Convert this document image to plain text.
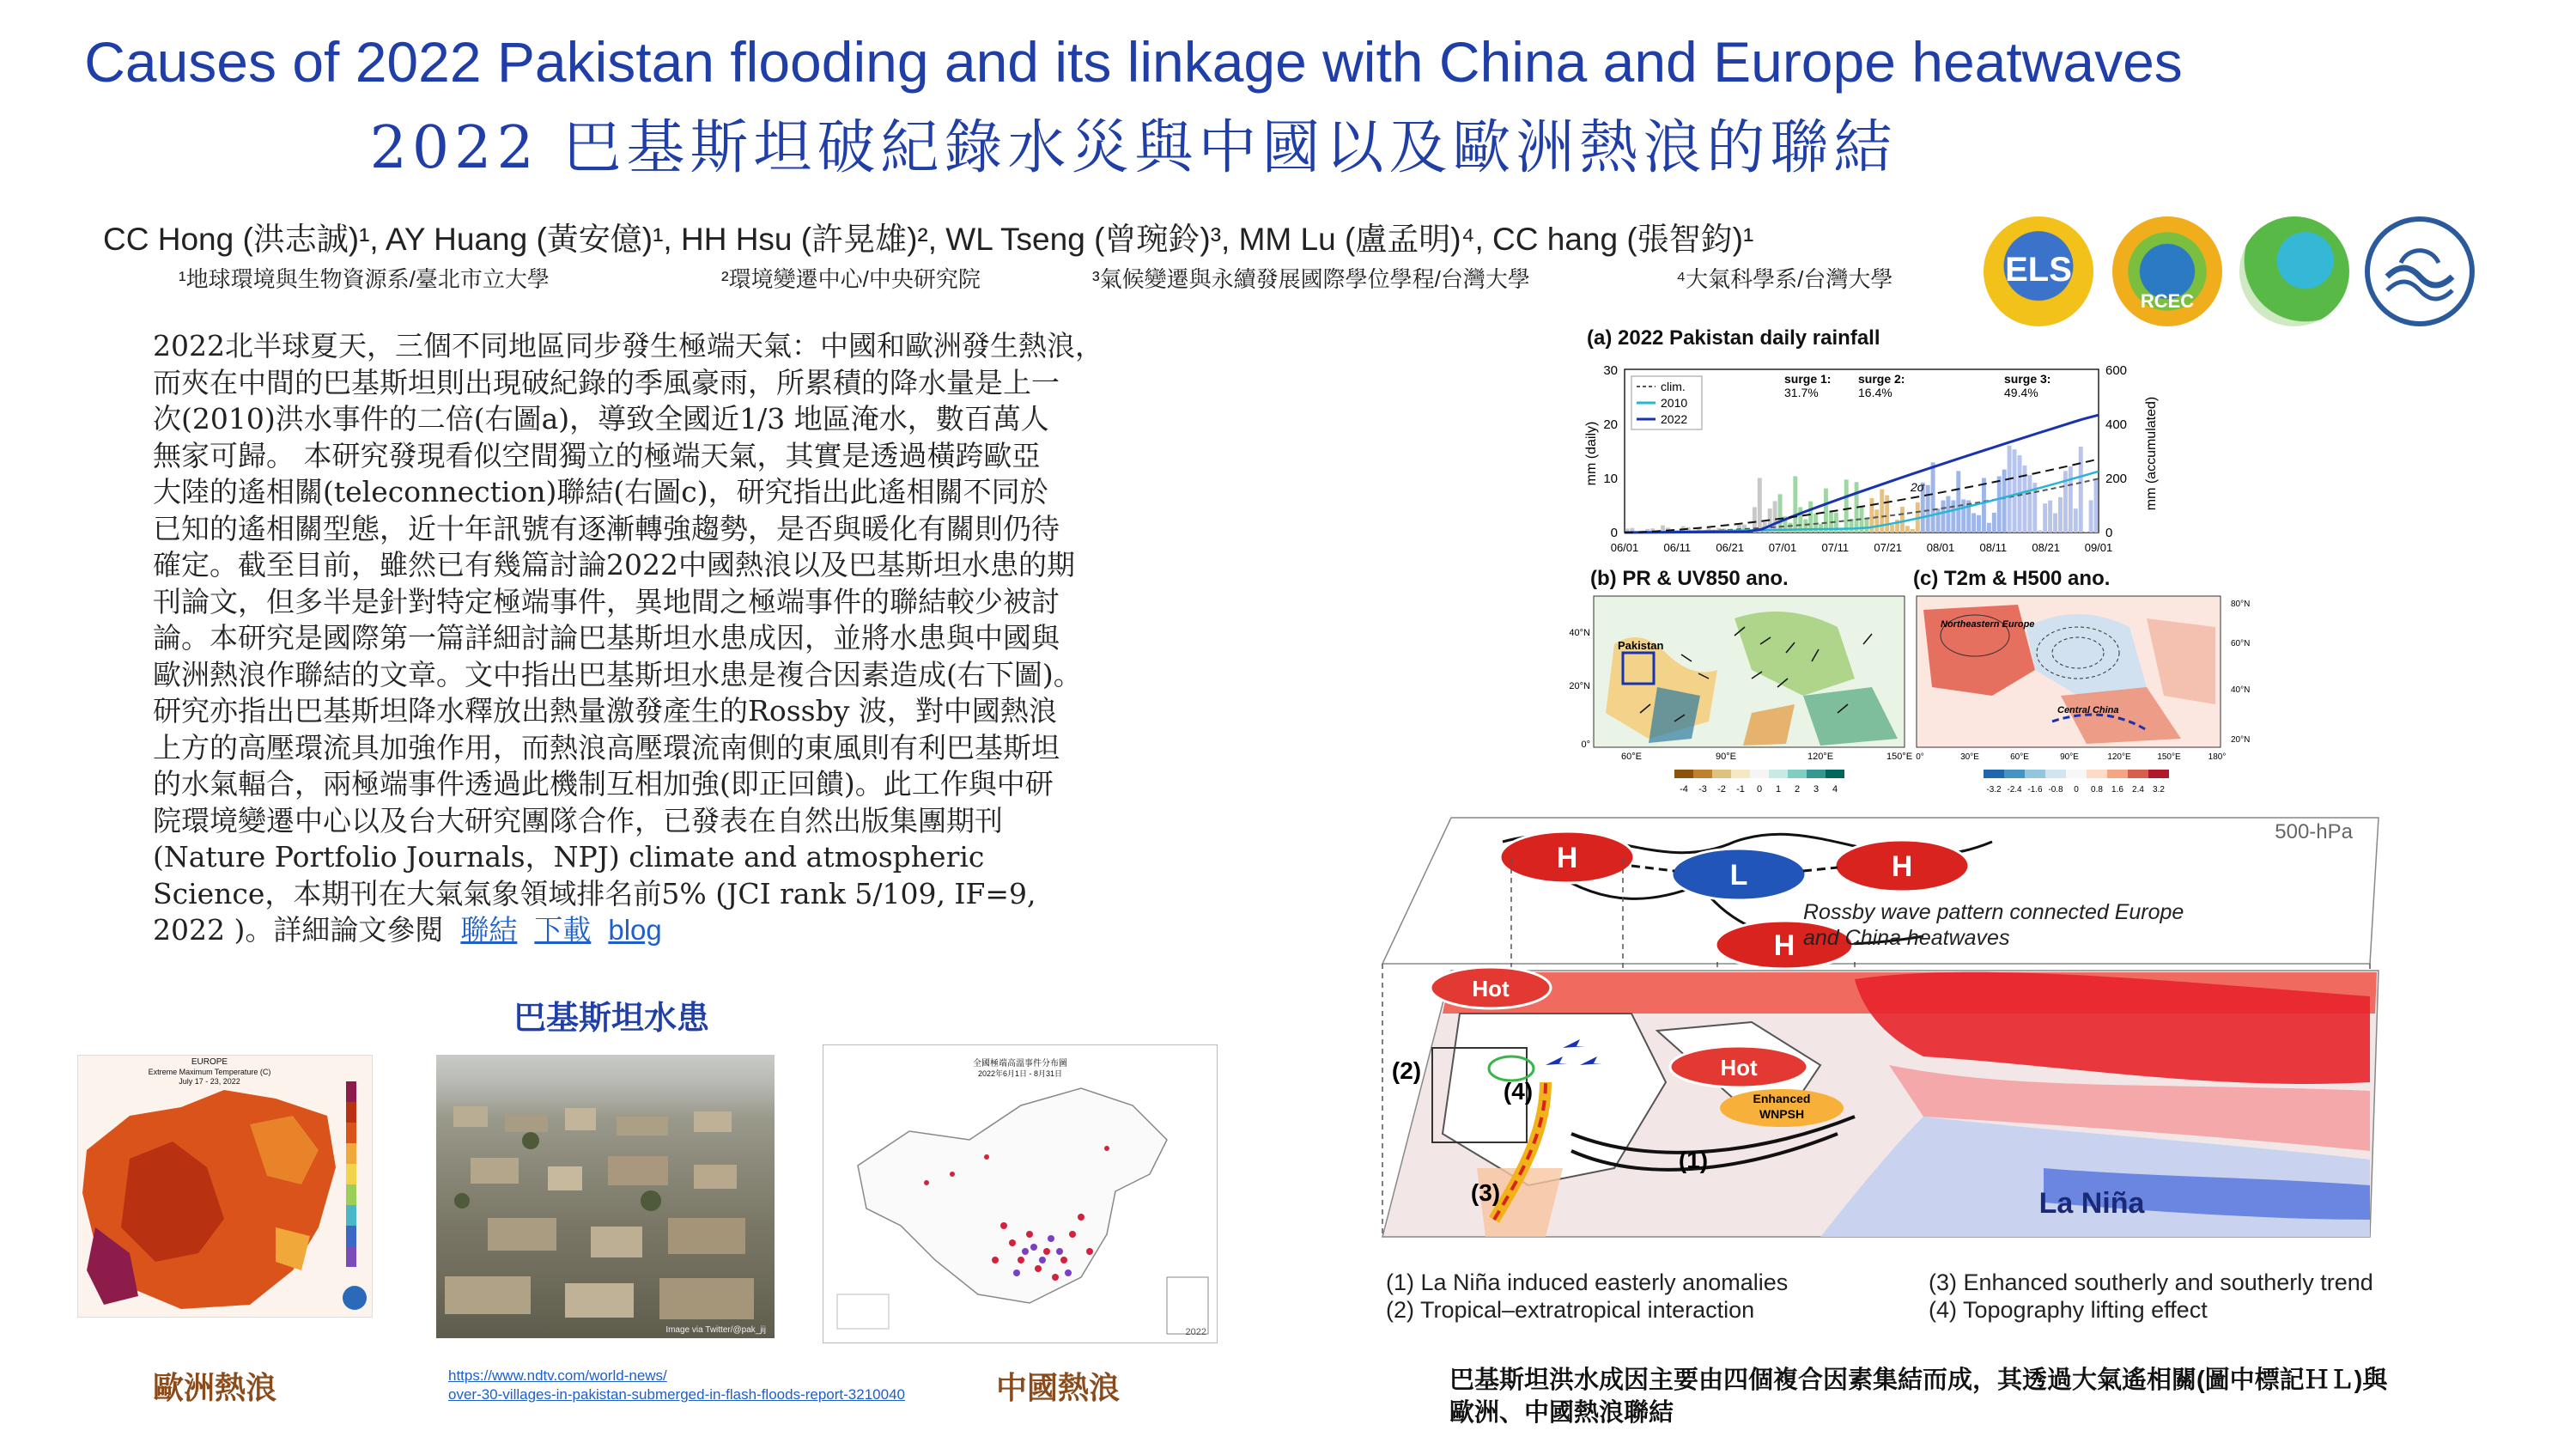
Causes of 2022 Pakistan flooding and its linkage with China and Europe heatwaves
2022 巴基斯坦破紀錄水災與中國以及歐洲熱浪的聯結
CC Hong (洪志誠)¹, AY Huang (黃安億)¹, HH Hsu (許晃雄)², WL Tseng (曾琬鈴)³, MM Lu (盧孟明)⁴, CC hang (張智鈞)¹
¹地球環境與生物資源系/臺北市立大學	²環境變遷中心/中央研究院	³氣候變遷與永續發展國際學位學程/台灣大學	⁴大氣科學系/台灣大學	ELS
RCEC
2022北半球夏天，三個不同地區同步發生極端天氣：中國和歐洲發生熱浪，
而夾在中間的巴基斯坦則出現破紀錄的季風豪雨，所累積的降水量是上一
次(2010)洪水事件的二倍(右圖a)，導致全國近1/3 地區淹水，數百萬人
無家可歸。 本研究發現看似空間獨立的極端天氣，其實是透過橫跨歐亞
大陸的遙相關(teleconnection)聯結(右圖c)，研究指出此遙相關不同於
已知的遙相關型態，近十年訊號有逐漸轉強趨勢，是否與暖化有關則仍待
確定。截至目前，雖然已有幾篇討論2022中國熱浪以及巴基斯坦水患的期
刊論文，但多半是針對特定極端事件，異地間之極端事件的聯結較少被討
論。本研究是國際第一篇詳細討論巴基斯坦水患成因，並將水患與中國與
歐洲熱浪作聯結的文章。文中指出巴基斯坦水患是複合因素造成(右下圖)。
研究亦指出巴基斯坦降水釋放出熱量激發產生的Rossby 波，對中國熱浪
上方的高壓環流具加強作用，而熱浪高壓環流南側的東風則有利巴基斯坦
的水氣輻合，兩極端事件透過此機制互相加強(即正回饋)。此工作與中研
院環境變遷中心以及台大研究團隊合作，已發表在自然出版集團期刊
(Nature Portfolio Journals，NPJ) climate and atmospheric
Science，本期刊在大氣氣象領域排名前5% (JCI rank 5/109, IF=9,
2022 )。詳細論文參閱 聯結 下載 blog
巴基斯坦水患
EUROPE
Extreme Maximum Temperature (C)
July 17 - 23, 2022
歐洲熱浪
Image via Twitter/@pak_jij
https://www.ndtv.com/world-news/
over-30-villages-in-pakistan-submerged-in-flash-floods-report-3210040
全國極端高溫事件分布圖
2022年6月1日 - 8月31日
2022
中國熱浪
(a) 2022 Pakistan daily rainfall
2σ
30
20
10
0
600
400
200
0
mm (daily)	mm (accumulated)
06/01 06/11 06/21 07/01 07/11 07/21 08/01 08/11 08/21 09/01
clim.
2010
2022
surge 1:
31.7%
surge 2:
16.4%
surge 3:
49.4%
(b) PR & UV850 ano.
Pakistan
40°N
20°N
0°
60°E	90°E	120°E	150°E
-4 -3 -2 -1 0 1 2 3 4
(c) T2m & H500 ano.
Northeastern Europe
Central China
80°N
60°N
40°N
20°N
0°	30°E	60°E	90°E	120°E	150°E	180°
-3.2 -2.4 -1.6 -0.8 0 0.8 1.6 2.4 3.2
500-hPa
H
L	H
H
Rossby wave pattern connected Europe
and China heatwaves
Hot
Hot
Enhanced
WNPSH
La Niña
(2)
(1)
(3)
(4)
(1) La Niña induced easterly anomalies
(2) Tropical–extratropical interaction
(3) Enhanced southerly and southerly trend
(4) Topography lifting effect
巴基斯坦洪水成因主要由四個複合因素集結而成，其透過大氣遙相關(圖中標記ＨＬ)與
歐洲、中國熱浪聯結
